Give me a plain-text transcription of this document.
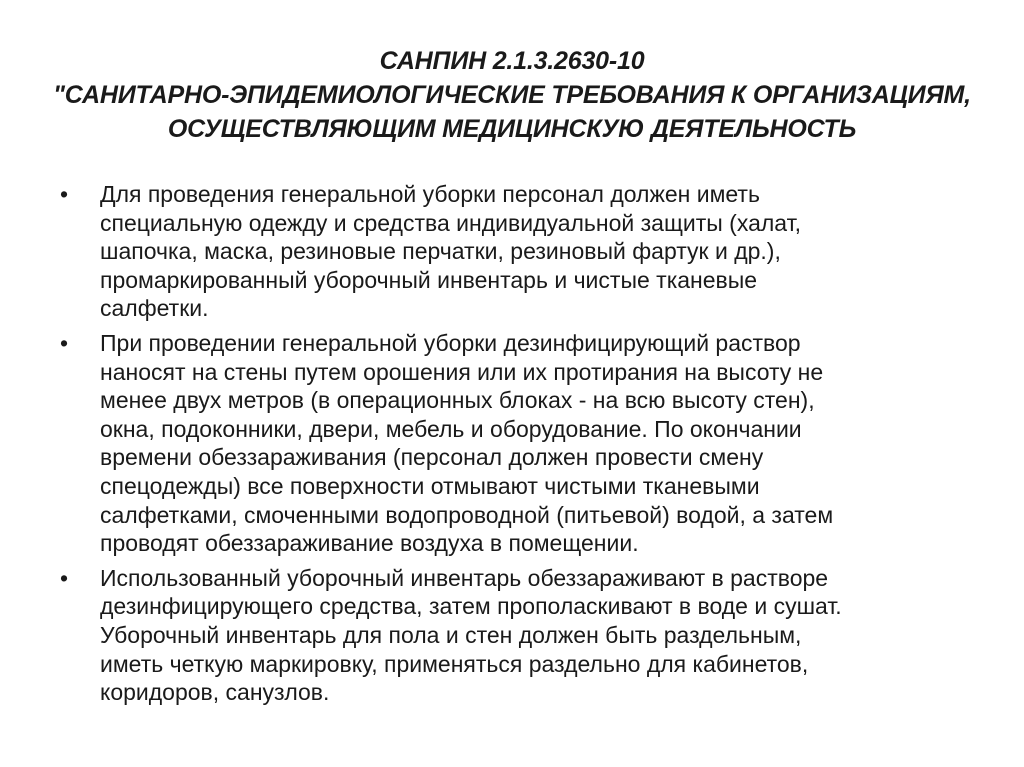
САНПИН 2.1.3.2630-10
"САНИТАРНО-ЭПИДЕМИОЛОГИЧЕСКИЕ ТРЕБОВАНИЯ К ОРГАНИЗАЦИЯМ,
ОСУЩЕСТВЛЯЮЩИМ МЕДИЦИНСКУЮ ДЕЯТЕЛЬНОСТЬ
•	Для проведения генеральной уборки персонал должен иметь
специальную одежду и средства индивидуальной защиты (халат,
шапочка, маска, резиновые перчатки, резиновый фартук и др.),
промаркированный уборочный инвентарь и чистые тканевые
салфетки.
•	При проведении генеральной уборки дезинфицирующий раствор
наносят на стены путем орошения или их протирания на высоту не
менее двух метров (в операционных блоках - на всю высоту стен),
окна, подоконники, двери, мебель и оборудование. По окончании
времени обеззараживания (персонал должен провести смену
спецодежды) все поверхности отмывают чистыми тканевыми
салфетками, смоченными водопроводной (питьевой) водой, а затем
проводят обеззараживание воздуха в помещении.
•	Использованный уборочный инвентарь обеззараживают в растворе
дезинфицирующего средства, затем прополаскивают в воде и сушат.
Уборочный инвентарь для пола и стен должен быть раздельным,
иметь четкую маркировку, применяться раздельно для кабинетов,
коридоров, санузлов.
